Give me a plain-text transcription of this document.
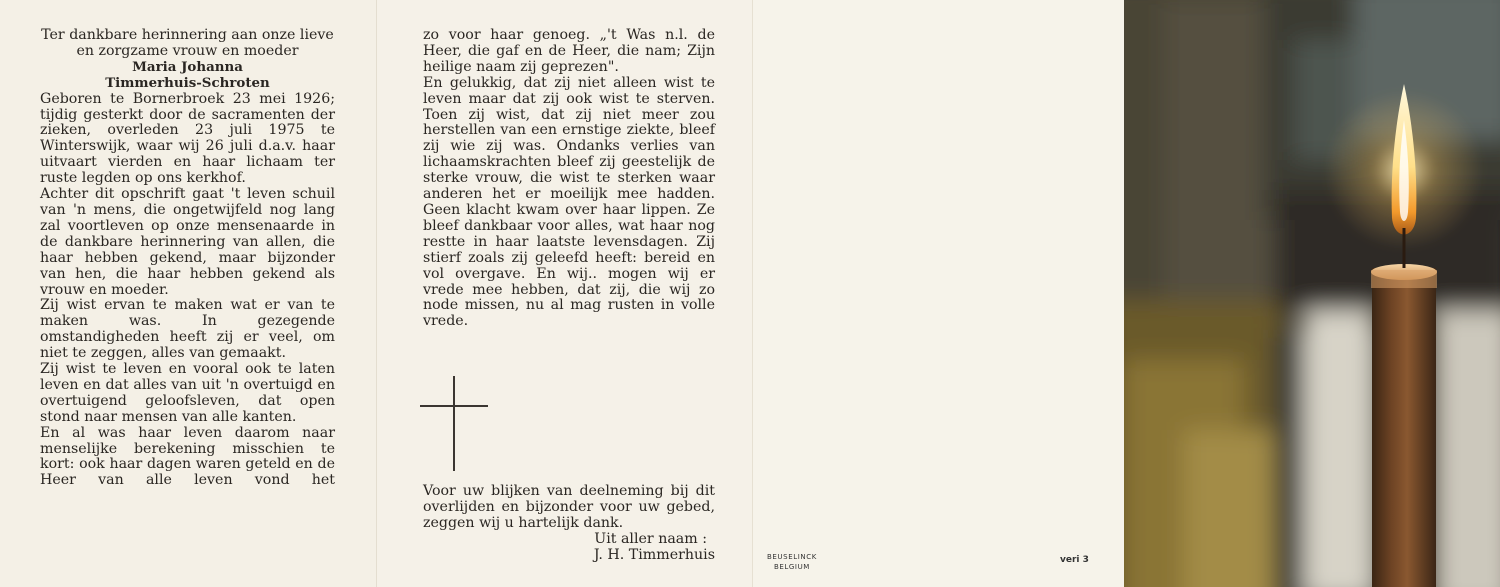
Ter dankbare herinnering aan onze lieve en zorgzame vrouw en moeder

Maria Johanna

Timmerhuis-Schroten

Geboren te Bornerbroek 23 mei 1926; tijdig gesterkt door de sacramenten der zieken, overleden 23 juli 1975 te Winterswijk, waar wij 26 juli d.a.v. haar uitvaart vierden en haar lichaam ter ruste legden op ons kerkhof.

Achter dit opschrift gaat 't leven schuil van 'n mens, die ongetwijfeld nog lang zal voortleven op onze mensenaarde in de dankbare herinnering van allen, die haar hebben gekend, maar bijzonder van hen, die haar hebben gekend als vrouw en moeder.

Zij wist ervan te maken wat er van te maken was. In gezegende omstandigheden heeft zij er veel, om niet te zeggen, alles van gemaakt.

Zij wist te leven en vooral ook te laten leven en dat alles van uit 'n overtuigd en overtuigend geloofsleven, dat open stond naar mensen van alle kanten.

En al was haar leven daarom naar menselijke berekening misschien te kort: ook haar dagen waren geteld en de Heer van alle leven vond het

zo voor haar genoeg. „'t Was n.l. de Heer, die gaf en de Heer, die nam; Zijn heilige naam zij geprezen".

En gelukkig, dat zij niet alleen wist te leven maar dat zij ook wist te sterven. Toen zij wist, dat zij niet meer zou herstellen van een ernstige ziekte, bleef zij wie zij was. Ondanks verlies van lichaamskrachten bleef zij geestelijk de sterke vrouw, die wist te sterken waar anderen het er moeilijk mee hadden. Geen klacht kwam over haar lippen. Ze bleef dankbaar voor alles, wat haar nog restte in haar laatste levensdagen. Zij stierf zoals zij geleefd heeft: bereid en vol overgave. En wij.. mogen wij er vrede mee hebben, dat zij, die wij zo node missen, nu al mag rusten in volle vrede.

Voor uw blijken van deelneming bij dit overlijden en bijzonder voor uw gebed, zeggen wij u hartelijk dank.

Uit aller naam :

J. H. Timmerhuis	BEUSELINCK
BELGIUM
veri 3
